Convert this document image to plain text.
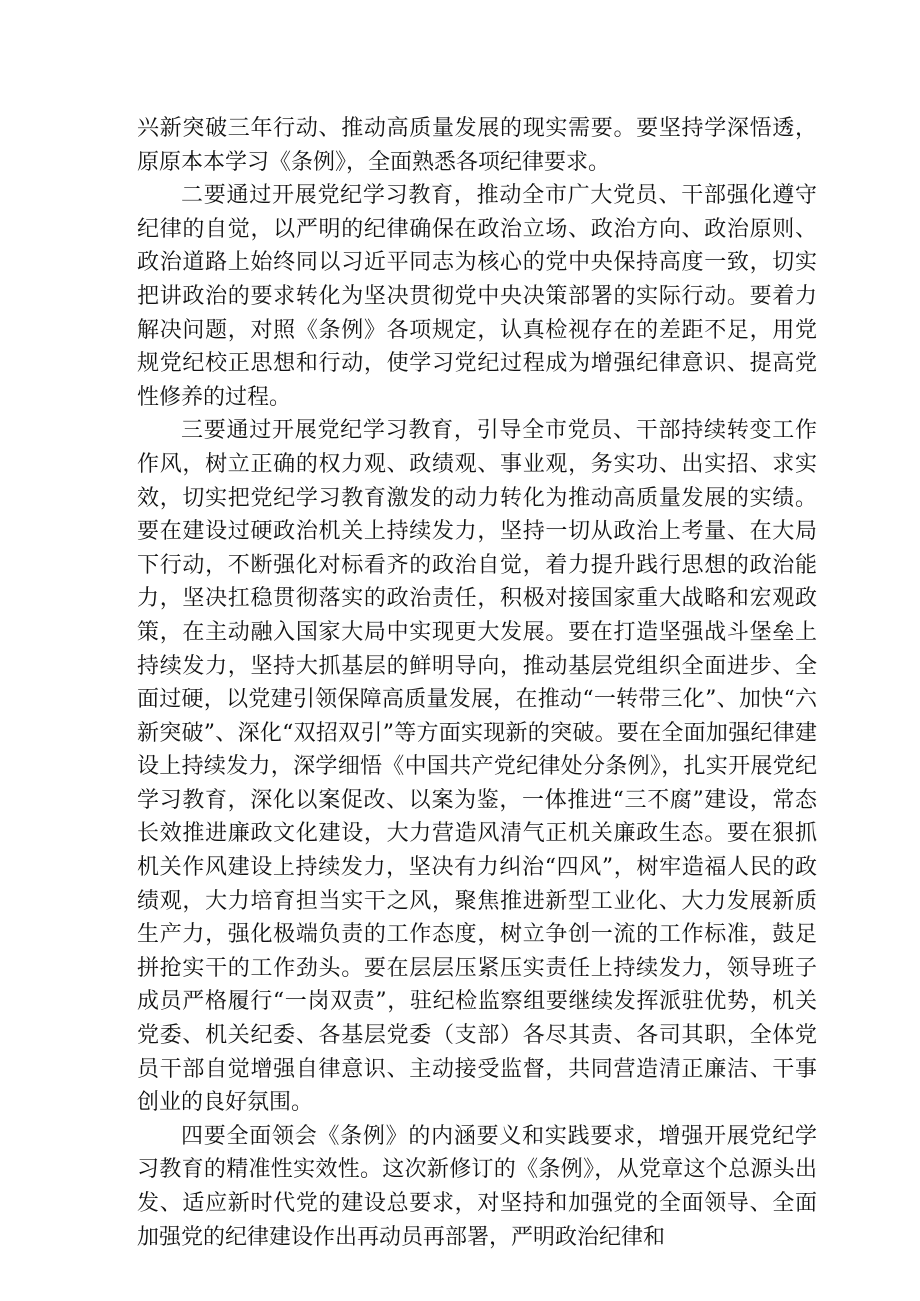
兴新突破三年行动、推动高质量发展的现实需要。要坚持学深悟透，原原本本学习《条例》，全面熟悉各项纪律要求。

二要通过开展党纪学习教育，推动全市广大党员、干部强化遵守纪律的自觉，以严明的纪律确保在政治立场、政治方向、政治原则、政治道路上始终同以习近平同志为核心的党中央保持高度一致，切实把讲政治的要求转化为坚决贯彻党中央决策部署的实际行动。要着力解决问题，对照《条例》各项规定，认真检视存在的差距不足，用党规党纪校正思想和行动，使学习党纪过程成为增强纪律意识、提高党性修养的过程。

三要通过开展党纪学习教育，引导全市党员、干部持续转变工作作风，树立正确的权力观、政绩观、事业观，务实功、出实招、求实效，切实把党纪学习教育激发的动力转化为推动高质量发展的实绩。要在建设过硬政治机关上持续发力，坚持一切从政治上考量、在大局下行动，不断强化对标看齐的政治自觉，着力提升践行思想的政治能力，坚决扛稳贯彻落实的政治责任，积极对接国家重大战略和宏观政策，在主动融入国家大局中实现更大发展。要在打造坚强战斗堡垒上持续发力，坚持大抓基层的鲜明导向，推动基层党组织全面进步、全面过硬，以党建引领保障高质量发展，在推动“一转带三化”、加快“六新突破”、深化“双招双引”等方面实现新的突破。要在全面加强纪律建设上持续发力，深学细悟《中国共产党纪律处分条例》，扎实开展党纪学习教育，深化以案促改、以案为鉴，一体推进“三不腐”建设，常态长效推进廉政文化建设，大力营造风清气正机关廉政生态。要在狠抓机关作风建设上持续发力，坚决有力纠治“四风”，树牢造福人民的政绩观，大力培育担当实干之风，聚焦推进新型工业化、大力发展新质生产力，强化极端负责的工作态度，树立争创一流的工作标准，鼓足拼抢实干的工作劲头。要在层层压紧压实责任上持续发力，领导班子成员严格履行“一岗双责”，驻纪检监察组要继续发挥派驻优势，机关党委、机关纪委、各基层党委（支部）各尽其责、各司其职，全体党员干部自觉增强自律意识、主动接受监督，共同营造清正廉洁、干事创业的良好氛围。

四要全面领会《条例》的内涵要义和实践要求，增强开展党纪学习教育的精准性实效性。这次新修订的《条例》，从党章这个总源头出发、适应新时代党的建设总要求，对坚持和加强党的全面领导、全面加强党的纪律建设作出再动员再部署，严明政治纪律和
